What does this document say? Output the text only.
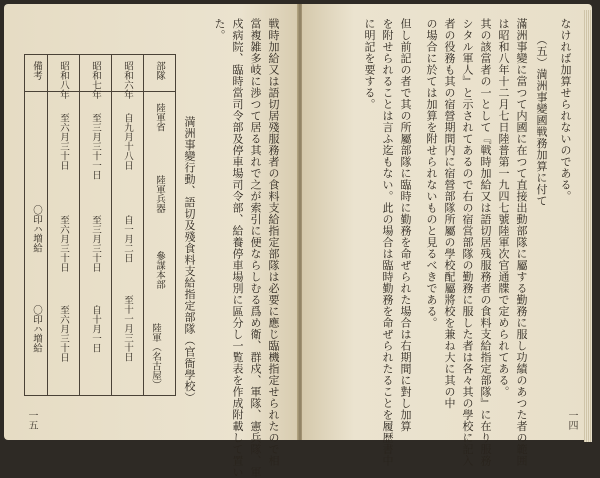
一五
部隊
陸軍省
陸軍兵器
參謀本部
陸軍（名古屋）
昭和六年
自九月十八日
自一月二日
至十一月三十日
昭和七年
至三月三十一日
至三月三十日
自十月一日
昭和八年
至六月三十日
至六月三十日
至六月三十日
備考
〇印ハ増給
〇印ハ増給	満洲事變行動、語切及殘食料支給指定部隊（官衙學校）	戦時加給又は語切居殘服務者の食料支給指定部隊は必要に應じ臨機指定せられたので相
當複雑多岐に渉つて居る其れで之が索引に便ならしむる爲め衛、群戍、軍隊、憲兵隊、軍
戍病院、臨時當司令部及停車場司令部、給養停車場別に區分し一覧表を作成附載して置い
た。
一四
なければ加算せられないのである。
（五）満洲事變國戦務加算に付て
滿洲事變に當つて内國に在つて直接出動部隊に屬する勤務に服し功績のあつた者の範囲
は昭和八年十二月七日陸普第一九四七號陸軍次官通牒で定められてある。
其の該當者の一として『戦時加給又は語切居残服務者の食料支給指定部隊』に在り服務
シタル軍人』と示されてあるので右の宿営部隊の勤務に服した者は各々其の學校に記入
者の役務も其の宿營期間内に宿營部隊所屬の學校配屬將校を兼ね大に其の中
の場合に於ては加算を附せられないものと見るべきである。
但し前記の者で其の所屬部隊に臨時に勤務を命ぜられた場合は右期間に對し加算
を附せられることは言ふ迄もない。此の場合は臨時勤務を命ぜられたることを履歴書中
に明記を要する。
